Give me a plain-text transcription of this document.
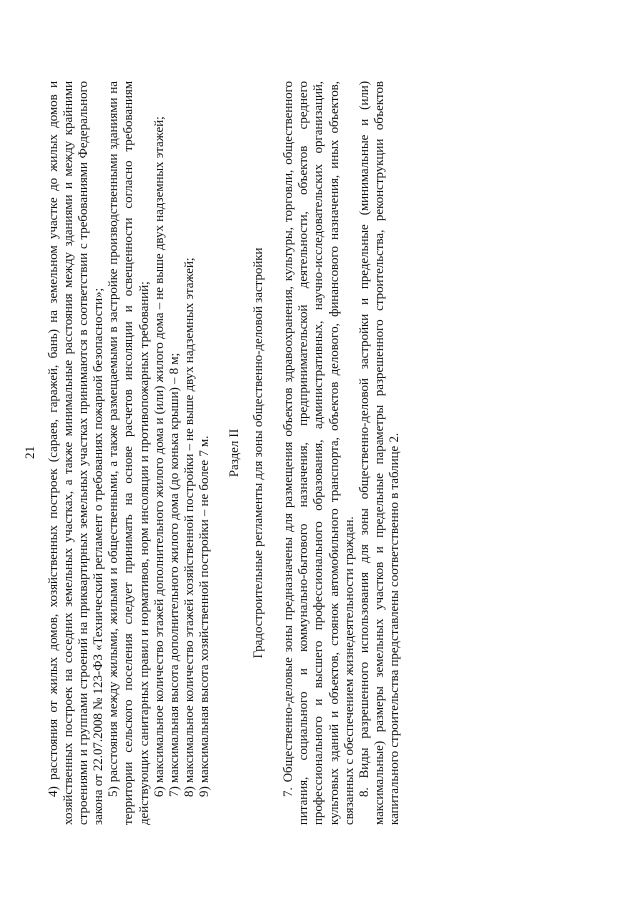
21 4) расстояния от жилых домов, хозяйственных построек (сараев, гаражей, бань) на земельном участке до жилых домов и хозяйственных построек на соседних земельных участках, а также минимальные расстояния между зданиями и между крайними строениями и группами строений на приквартирных земельных участках принимаются в соответствии с требованиями Федерального закона от 22.07.2008 № 123-ФЗ «Технический регламент о требованиях пожарной безопасности»; 5) расстояния между жилыми, жилыми и общественными, а также размещаемыми в застройке производственными зданиями на территории сельского поселения следует принимать на основе расчетов инсоляции и освещенности согласно требованиям действующих санитарных правил и нормативов, норм инсоляции и противопожарных требований; 6) максимальное количество этажей дополнительного жилого дома и (или) жилого дома – не выше двух надземных этажей; 7) максимальная высота дополнительного жилого дома (до конька крыши) – 8 м; 8) максимальное количество этажей хозяйственной постройки – не выше двух надземных этажей; 9) максимальная высота хозяйственной постройки – не более 7 м. Раздел II Градостроительные регламенты для зоны общественно-деловой застройки 7. Общественно-деловые зоны предназначены для размещения объектов здравоохранения, культуры, торговли, общественного питания, социального и коммунально-бытового назначения, предпринимательской деятельности, объектов среднего профессионального и высшего профессионального образования, административных, научно-исследовательских организаций, культовых зданий и объектов, стоянок автомобильного транспорта, объектов делового, финансового назначения, иных объектов, связанных с обеспечением жизнедеятельности граждан. 8. Виды разрешенного использования для зоны общественно-деловой застройки и предельные (минимальные и (или) максимальные) размеры земельных участков и предельные параметры разрешенного строительства, реконструкции объектов капитального строительства представлены соответственно в таблице 2.
